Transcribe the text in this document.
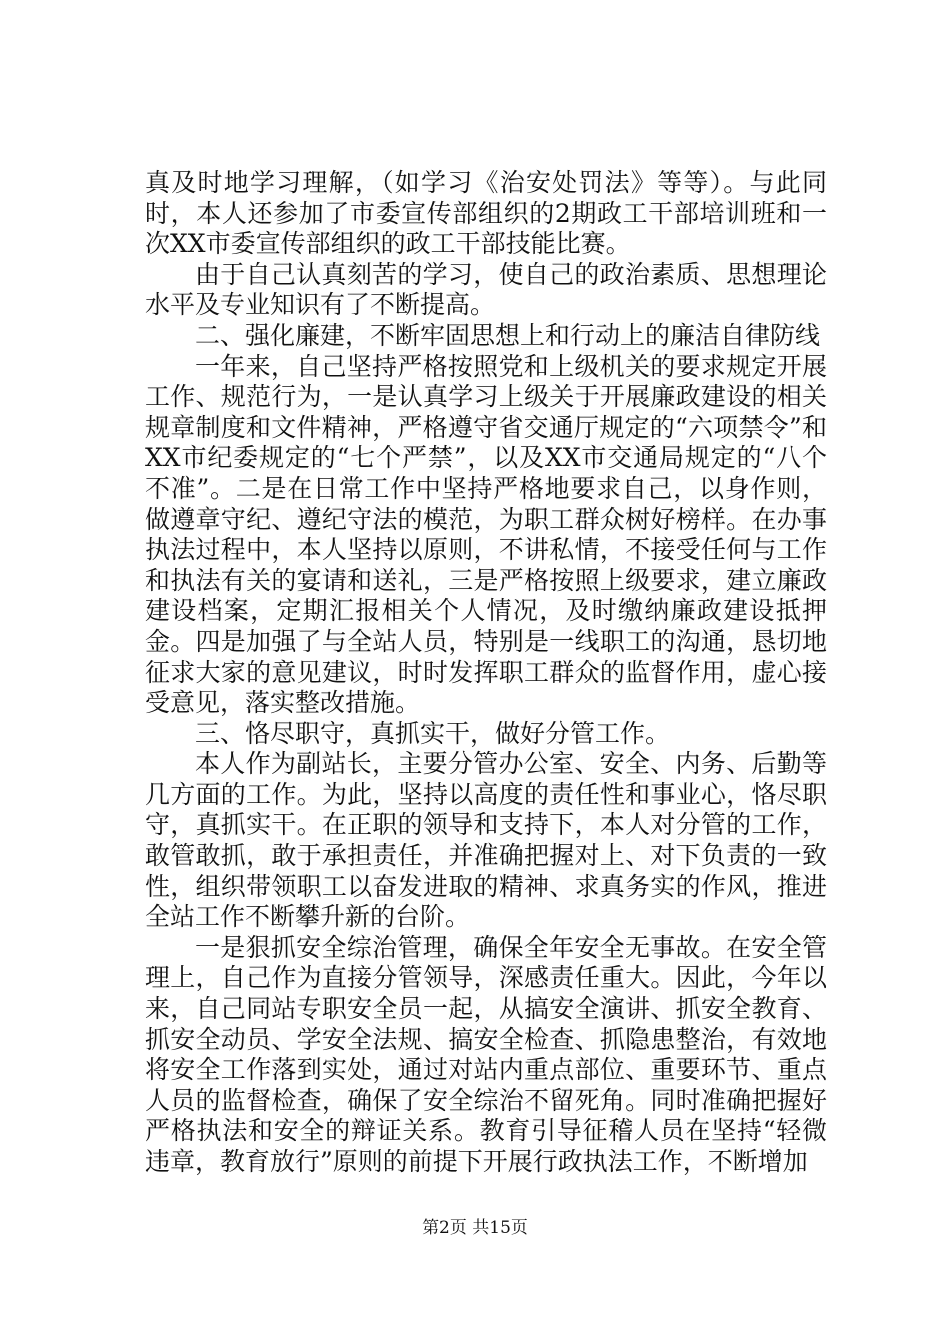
真及时地学习理解，（如学习《治安处罚法》等等）。与此同时，本人还参加了市委宣传部组织的2期政工干部培训班和一次XX市委宣传部组织的政工干部技能比赛。

由于自己认真刻苦的学习，使自己的政治素质、思想理论水平及专业知识有了不断提高。

二、强化廉建，不断牢固思想上和行动上的廉洁自律防线

一年来，自己坚持严格按照党和上级机关的要求规定开展工作、规范行为，一是认真学习上级关于开展廉政建设的相关规章制度和文件精神，严格遵守省交通厅规定的“六项禁令”和XX市纪委规定的“七个严禁”，以及XX市交通局规定的“八个不准”。二是在日常工作中坚持严格地要求自己，以身作则，做遵章守纪、遵纪守法的模范，为职工群众树好榜样。在办事执法过程中，本人坚持以原则，不讲私情，不接受任何与工作和执法有关的宴请和送礼，三是严格按照上级要求，建立廉政建设档案，定期汇报相关个人情况，及时缴纳廉政建设抵押金。四是加强了与全站人员，特别是一线职工的沟通，恳切地征求大家的意见建议，时时发挥职工群众的监督作用，虚心接受意见，落实整改措施。

三、恪尽职守，真抓实干，做好分管工作。

本人作为副站长，主要分管办公室、安全、内务、后勤等几方面的工作。为此，坚持以高度的责任性和事业心，恪尽职守，真抓实干。在正职的领导和支持下，本人对分管的工作，敢管敢抓，敢于承担责任，并准确把握对上、对下负责的一致性，组织带领职工以奋发进取的精神、求真务实的作风，推进全站工作不断攀升新的台阶。

一是狠抓安全综治管理，确保全年安全无事故。在安全管理上，自己作为直接分管领导，深感责任重大。因此，今年以来，自己同站专职安全员一起，从搞安全演讲、抓安全教育、抓安全动员、学安全法规、搞安全检查、抓隐患整治，有效地将安全工作落到实处，通过对站内重点部位、重要环节、重点人员的监督检查，确保了安全综治不留死角。同时准确把握好严格执法和安全的辩证关系。教育引导征稽人员在坚持“轻微违章，教育放行”原则的前提下开展行政执法工作，不断增加

第2页 共15页
